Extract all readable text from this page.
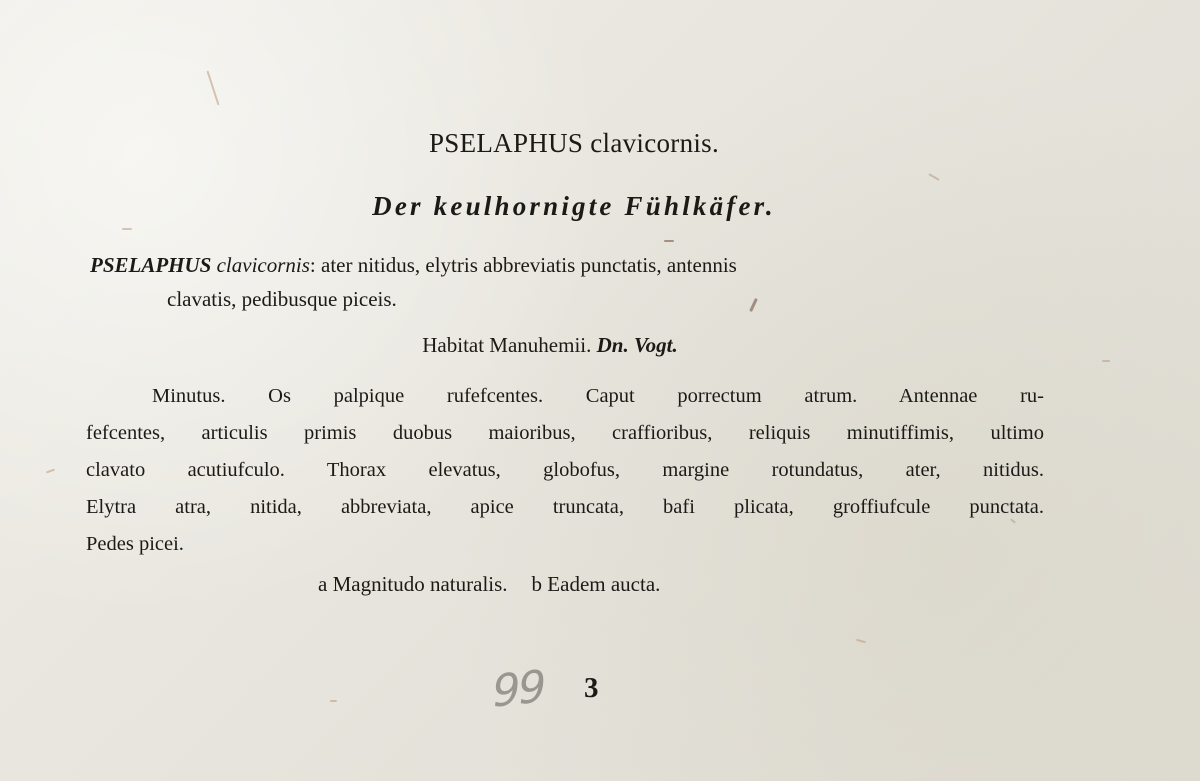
PSELAPHUS clavicornis.
Der keulhornigte Fühlkäfer.
PSELAPHUS clavicornis: ater nitidus, elytris abbreviatis punctatis, antennis
clavatis, pedibusque piceis.
Habitat Manuhemii. Dn. Vogt.
Minutus. Os palpique rufefcentes. Caput porrectum atrum. Antennae ru-
fefcentes, articulis primis duobus maioribus, craffioribus, reliquis minutiffimis, ultimo
clavato acutiufculo. Thorax elevatus, globofus, margine rotundatus, ater, nitidus.
Elytra atra, nitida, abbreviata, apice truncata, bafi plicata, groffiufcule punctata.
Pedes picei.
a Magnitudo naturalis. b Eadem aucta.
99 3
